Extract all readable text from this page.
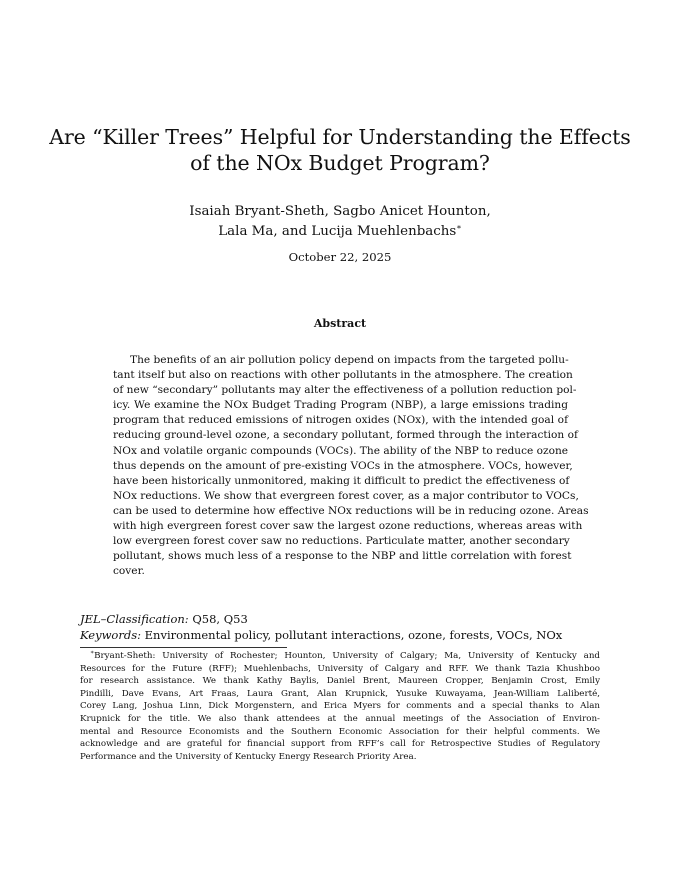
Are “Killer Trees” Helpful for Understanding the Effects
of the NOx Budget Program?
Isaiah Bryant-Sheth, Sagbo Anicet Hounton,
Lala Ma, and Lucija Muehlenbachs∗
October 22, 2025
Abstract
The benefits of an air pollution policy depend on impacts from the targeted pollu-
tant itself but also on reactions with other pollutants in the atmosphere. The creation
of new “secondary” pollutants may alter the effectiveness of a pollution reduction pol-
icy. We examine the NOx Budget Trading Program (NBP), a large emissions trading
program that reduced emissions of nitrogen oxides (NOx), with the intended goal of
reducing ground-level ozone, a secondary pollutant, formed through the interaction of
NOx and volatile organic compounds (VOCs). The ability of the NBP to reduce ozone
thus depends on the amount of pre-existing VOCs in the atmosphere. VOCs, however,
have been historically unmonitored, making it difficult to predict the effectiveness of
NOx reductions. We show that evergreen forest cover, as a major contributor to VOCs,
can be used to determine how effective NOx reductions will be in reducing ozone. Areas
with high evergreen forest cover saw the largest ozone reductions, whereas areas with
low evergreen forest cover saw no reductions. Particulate matter, another secondary
pollutant, shows much less of a response to the NBP and little correlation with forest
cover.
JEL–Classification: Q58, Q53
Keywords: Environmental policy, pollutant interactions, ozone, forests, VOCs, NOx
∗Bryant-Sheth: University of Rochester; Hounton, University of Calgary; Ma, University of Kentucky and
Resources for the Future (RFF); Muehlenbachs, University of Calgary and RFF. We thank Tazia Khushboo
for research assistance. We thank Kathy Baylis, Daniel Brent, Maureen Cropper, Benjamin Crost, Emily
Pindilli, Dave Evans, Art Fraas, Laura Grant, Alan Krupnick, Yusuke Kuwayama, Jean-William Laliberté,
Corey Lang, Joshua Linn, Dick Morgenstern, and Erica Myers for comments and a special thanks to Alan
Krupnick for the title. We also thank attendees at the annual meetings of the Association of Environ-
mental and Resource Economists and the Southern Economic Association for their helpful comments. We
acknowledge and are grateful for financial support from RFF’s call for Retrospective Studies of Regulatory
Performance and the University of Kentucky Energy Research Priority Area.
